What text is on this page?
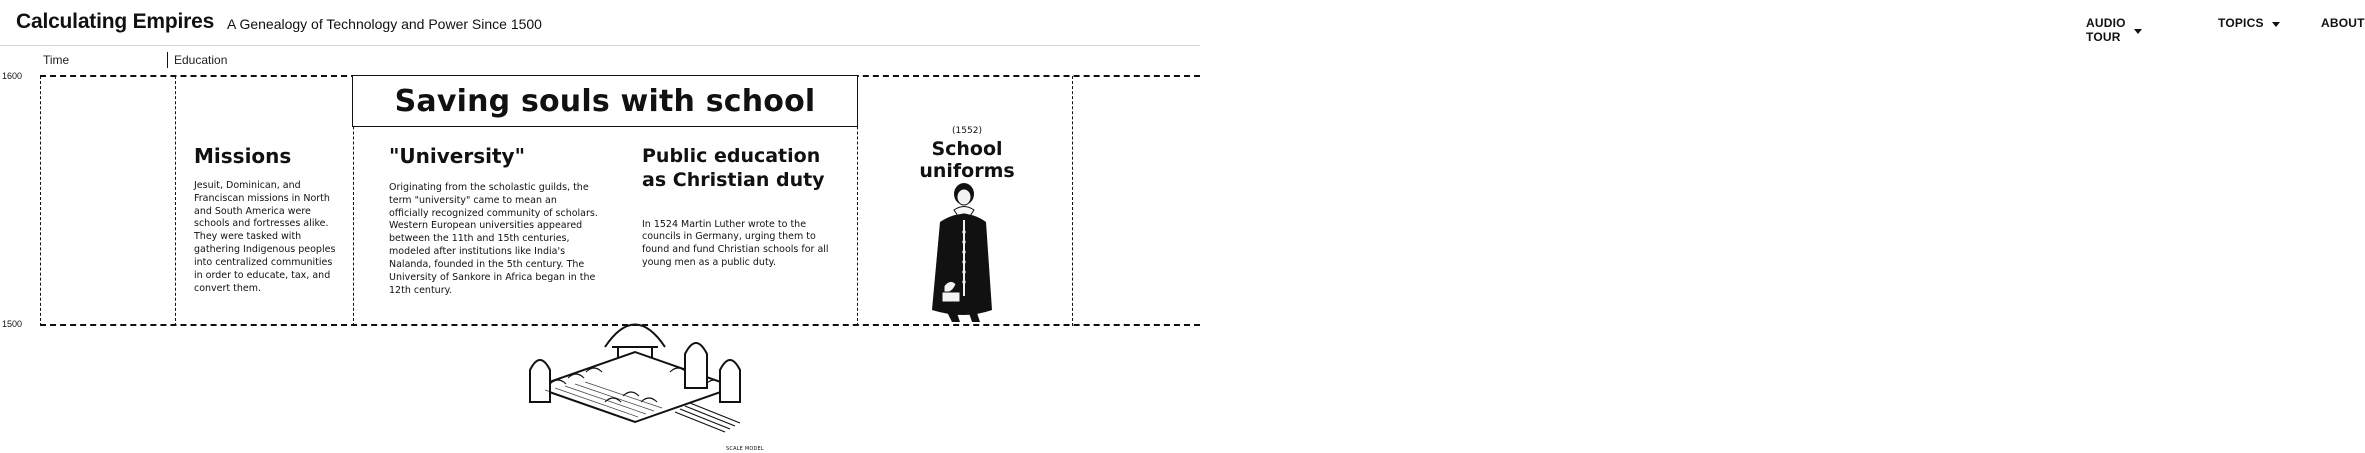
Calculating Empires A Genealogy of Technology and Power Since 1500	AUDIO TOUR
TOPICS	ABOUT
Time	Education
1600
1500
Saving souls with school
Missions
Jesuit, Dominican, and Franciscan missions in North and South America were schools and fortresses alike. They were tasked with gathering Indigenous peoples into centralized communities in order to educate, tax, and convert them.
"University"
Originating from the scholastic guilds, the term "university" came to mean an officially recognized community of scholars. Western European universities appeared between the 11th and 15th centuries, modeled after institutions like India's Nalanda, founded in the 5th century. The University of Sankore in Africa began in the 12th century.
Public education as Christian duty
In 1524 Martin Luther wrote to the councils in Germany, urging them to found and fund Christian schools for all young men as a public duty.
(1552)
School uniforms
SCALE MODEL
